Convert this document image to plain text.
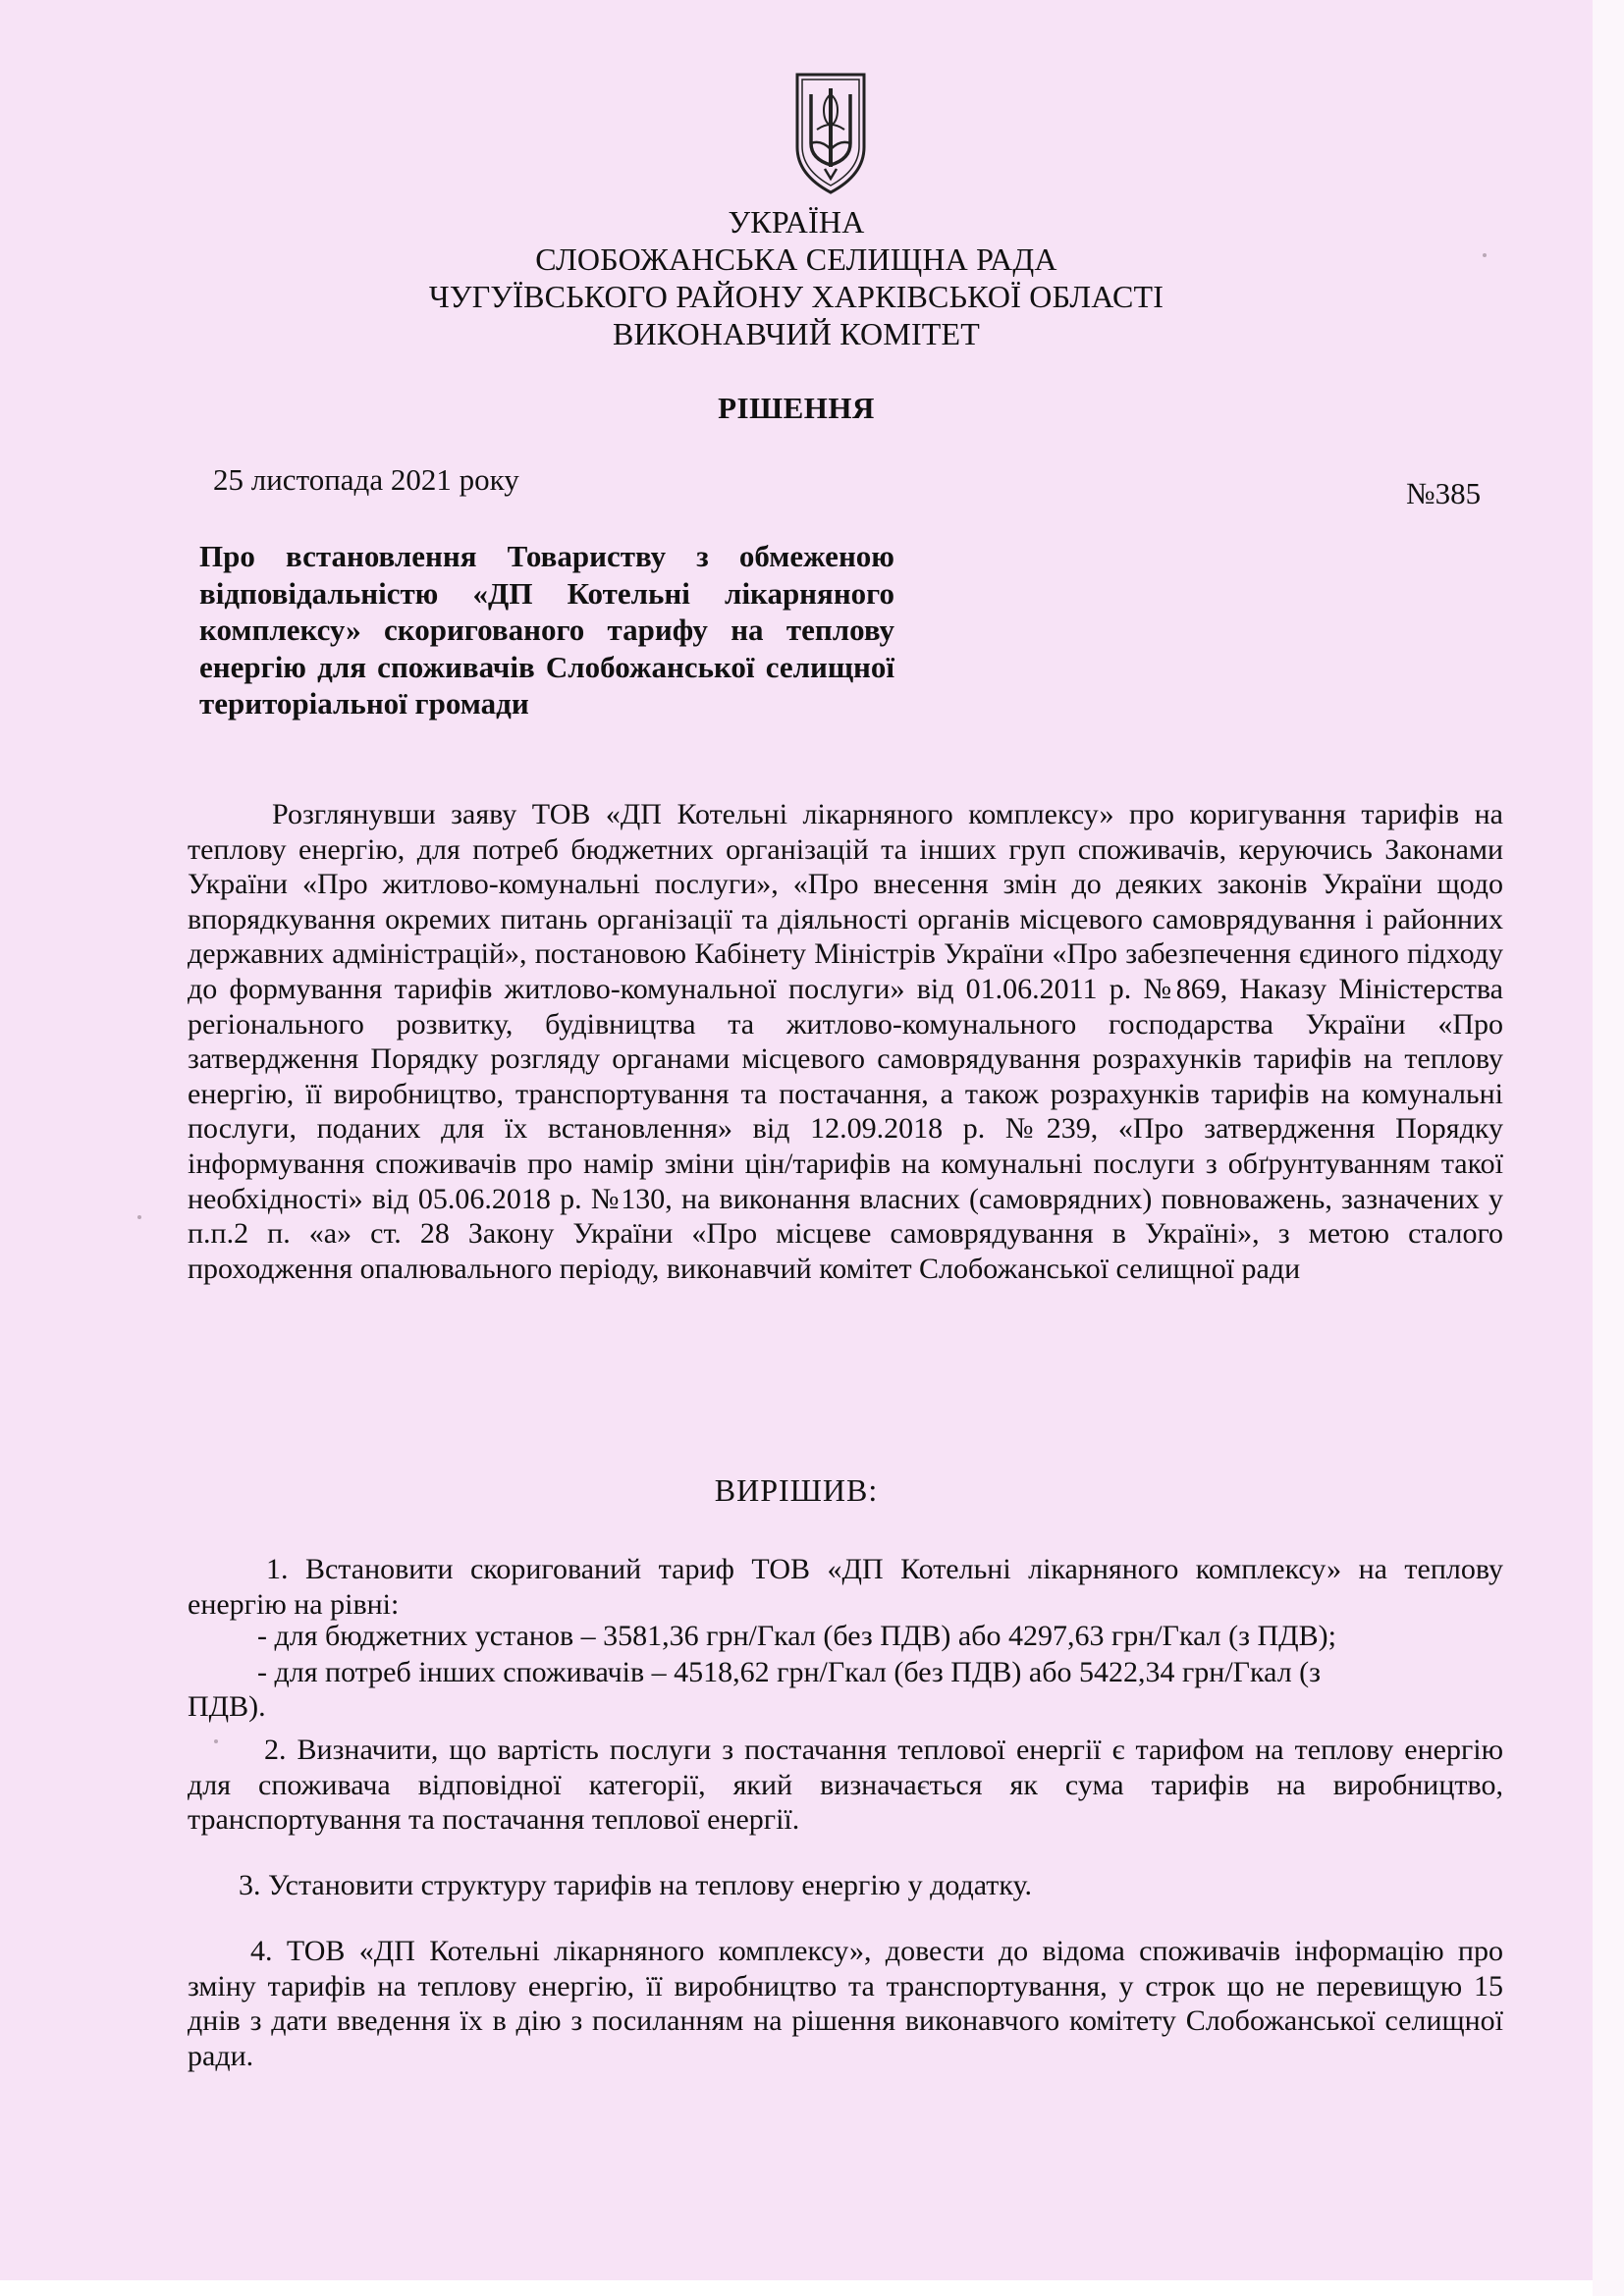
УКРАЇНА
СЛОБОЖАНСЬКА СЕЛИЩНА РАДА
ЧУГУЇВСЬКОГО РАЙОНУ ХАРКІВСЬКОЇ ОБЛАСТІ
ВИКОНАВЧИЙ КОМІТЕТ
РІШЕННЯ
25 листопада 2021 року	№385
Про встановлення Товариству з обмеженою відповідальністю «ДП Котельні лікарняного комплексу» скоригованого тарифу на теплову енергію для споживачів Слобожанської селищної територіальної громади
Розглянувши заяву ТОВ «ДП Котельні лікарняного комплексу» про коригування тарифів на теплову енергію, для потреб бюджетних організацій та інших груп споживачів, керуючись Законами України «Про житлово-комунальні послуги», «Про внесення змін до деяких законів України щодо впорядкування окремих питань організації та діяльності органів місцевого самоврядування і районних державних адміністрацій», постановою Кабінету Міністрів України «Про забезпечення єдиного підходу до формування тарифів житлово-комунальної послуги» від 01.06.2011 р. №869, Наказу Міністерства регіонального розвитку, будівництва та житлово-комунального господарства України «Про затвердження Порядку розгляду органами місцевого самоврядування розрахунків тарифів на теплову енергію, її виробництво, транспортування та постачання, а також розрахунків тарифів на комунальні послуги, поданих для їх встановлення» від 12.09.2018 р. №239, «Про затвердження Порядку інформування споживачів про намір зміни цін/тарифів на комунальні послуги з обґрунтуванням такої необхідності» від 05.06.2018 р. №130, на виконання власних (самоврядних) повноважень, зазначених у п.п.2 п. «а» ст. 28 Закону України «Про місцеве самоврядування в Україні», з метою сталого проходження опалювального періоду, виконавчий комітет Слобожанської селищної ради
ВИРІШИВ:
1. Встановити скоригований тариф ТОВ «ДП Котельні лікарняного комплексу» на теплову енергію на рівні:
- для бюджетних установ – 3581,36 грн/Гкал (без ПДВ) або 4297,63 грн/Гкал (з ПДВ);
- для потреб інших споживачів – 4518,62 грн/Гкал (без ПДВ) або 5422,34 грн/Гкал (з
ПДВ).
2. Визначити, що вартість послуги з постачання теплової енергії є тарифом на теплову енергію для споживача відповідної категорії, який визначається як сума тарифів на виробництво, транспортування та постачання теплової енергії.
3. Установити структуру тарифів на теплову енергію у додатку.
4. ТОВ «ДП Котельні лікарняного комплексу», довести до відома споживачів інформацію про зміну тарифів на теплову енергію, її виробництво та транспортування, у строк що не перевищую 15 днів з дати введення їх в дію з посиланням на рішення виконавчого комітету Слобожанської селищної ради.
